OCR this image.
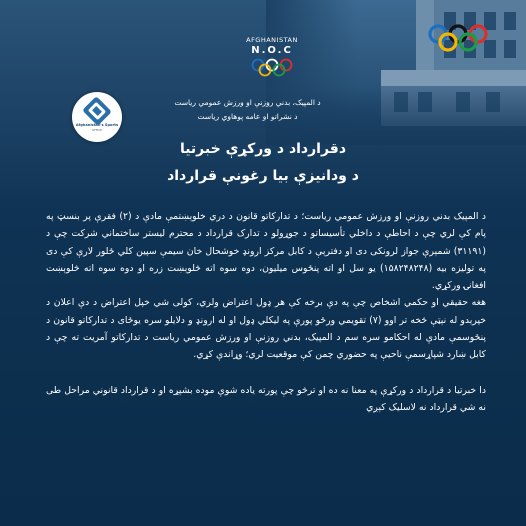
AFGHANISTAN
N.O.C
د المپیک، بدني روزنې او ورزش عمومي ریاست
د نشراتو او عامه پوهاوي ریاست
Afghanistan's Sports
OFFICE
دقرارداد د ورکړې خبرتیا
د ودانیزې بیا رغونې قرارداد

د المپیک بدني روزنې او ورزش عمومي ریاست؛ د تدارکاتو قانون د دري خلوېښتمې مادې د (۲) فقرې پر بنسټ په پام کې لري چې د احاطې د داخلي تأسیساتو د جوړولو د تدارک قرارداد د محترم لیستر ساختماني شرکت چې د (۳۱۱۹۱) شمېرې جواز لرونکی دی او دفترېې د کابل مرکز ارونډ خوشحال خان سیمې سپین کلي ځلور لارې کې دی په تولیزه بیه (۱۵۸۲۴۸۲۴۸) یو سل او اته پنځوس میلیون، دوه سوه اته څلوېښت زره او دوه سوه اته څلوېښت افغانۍ ورکړي.

هغه حقیقي او حکمي اشخاص چې په دې برخه کې هر ډول اعتراض ولري، کولی شي خپل اعتراض د دې اعلان د خپرېدو له نېټې څخه تر اوو (۷) تقویمي ورځو پورې په ليکلي ډول او له ارونډ و دلايلو سره يوځای د تدارکاتو قانون د پنځوسمې مادې له احکامو سره سم د المپیک، بدني روزنې او ورزش عمومي ریاست د تدارکاتو آمریت ته چې د کابل ښارد شپاړسمې ناحيې په حضوري چمن کې موقعیت لري؛ وړاندې کړي.

دا خبرتیا د قرارداد د ورکړې په معنا نه ده او ترڅو چې پورته یاده شوې موده بشپړه او د قرارداد قانوني مراحل طی نه شي قرارداد نه لاسلیک کېږي
